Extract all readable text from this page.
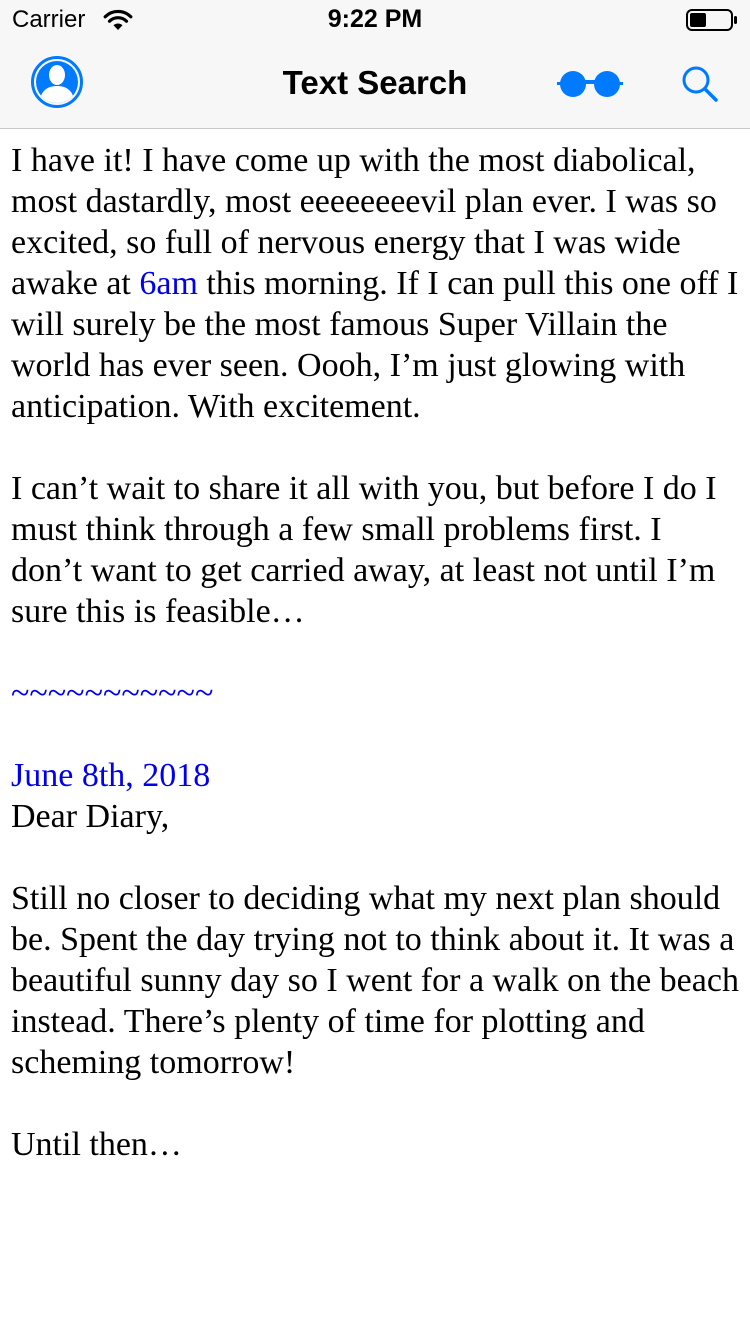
Carrier	9:22 PM
Text Search

I have it! I have come up with the most diabolical, most dastardly, most eeeeeeeevil plan ever. I was so excited, so full of nervous energy that I was wide awake at 6am this morning. If I can pull this one off I will surely be the most famous Super Villain the world has ever seen. Oooh, I’m just glowing with anticipation. With excitement.

I can’t wait to share it all with you, but before I do I must think through a few small problems first. I don’t want to get carried away, at least not until I’m sure this is feasible…

~~~~~~~~~~~

June 8th, 2018

Dear Diary,

Still no closer to deciding what my next plan should be. Spent the day trying not to think about it. It was a beautiful sunny day so I went for a walk on the beach instead. There’s plenty of time for plotting and scheming tomorrow!

Until then…
